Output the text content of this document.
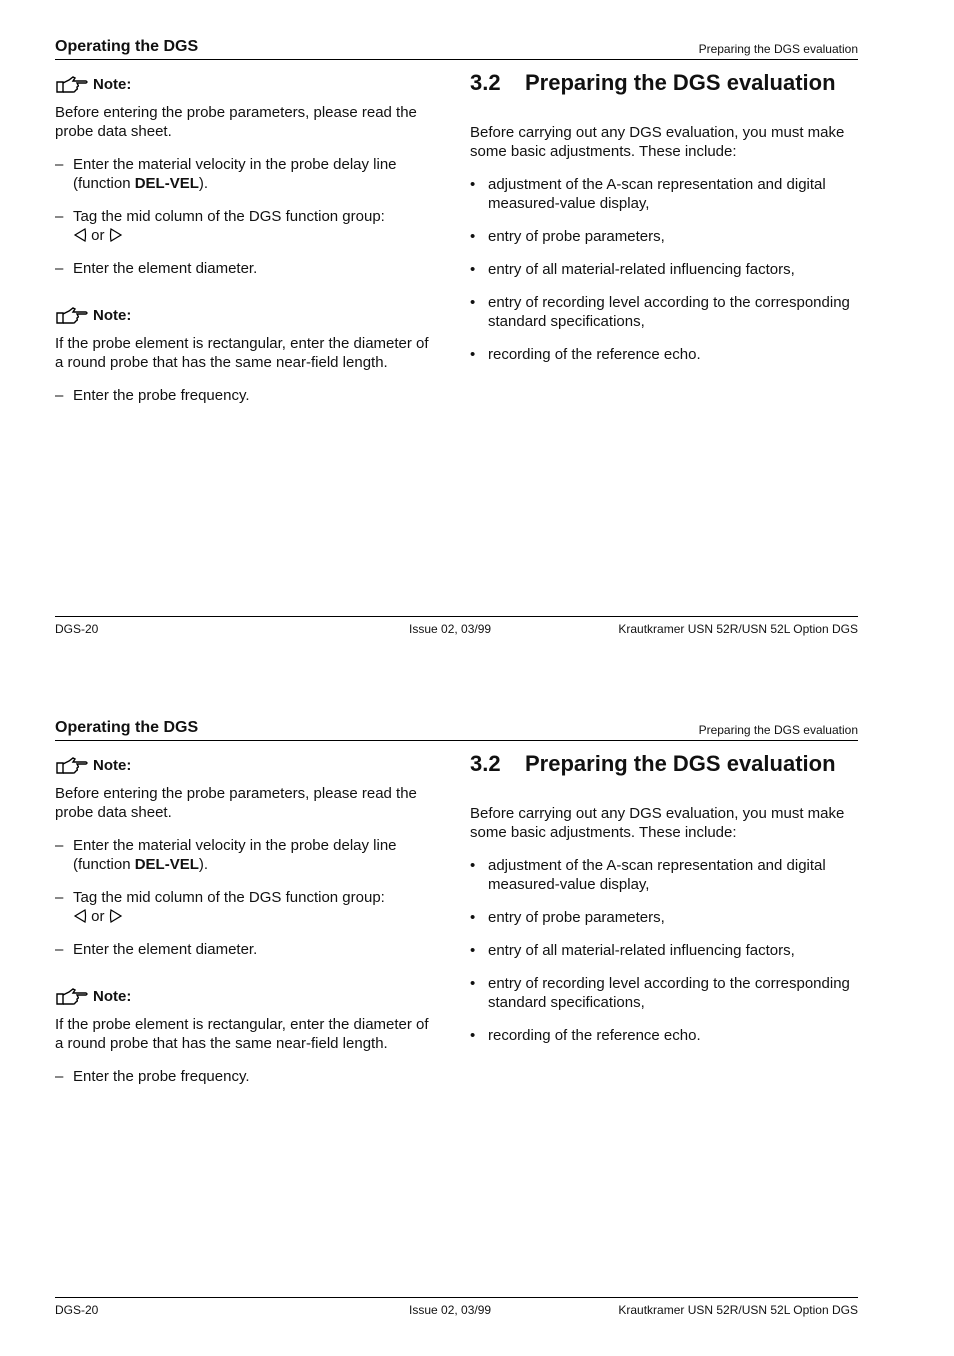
Operating the DGS	Preparing the DGS evaluation
Note:
Before entering the probe parameters, please read the probe data sheet.
– Enter the material velocity in the probe delay line (function DEL-VEL).
– Tag the mid column of the DGS function group:
or
– Enter the element diameter.
Note:
If the probe element is rectangular, enter the diameter of a round probe that has the same near-field length.
– Enter the probe frequency.
3.2 Preparing the DGS evaluation
Before carrying out any DGS evaluation, you must make some basic adjustments. These include:
• adjustment of the A-scan representation and digital measured-value display,
• entry of probe parameters,
• entry of all material-related influencing factors,
• entry of recording level according to the corresponding standard specifications,
• recording of the reference echo.
DGS-20	Issue 02, 03/99	Krautkramer USN 52R/USN 52L Option DGS
Operating the DGS	Preparing the DGS evaluation
Note:
Before entering the probe parameters, please read the probe data sheet.
– Enter the material velocity in the probe delay line (function DEL-VEL).
– Tag the mid column of the DGS function group:
or
– Enter the element diameter.
Note:
If the probe element is rectangular, enter the diameter of a round probe that has the same near-field length.
– Enter the probe frequency.
3.2 Preparing the DGS evaluation
Before carrying out any DGS evaluation, you must make some basic adjustments. These include:
• adjustment of the A-scan representation and digital measured-value display,
• entry of probe parameters,
• entry of all material-related influencing factors,
• entry of recording level according to the corresponding standard specifications,
• recording of the reference echo.
DGS-20	Issue 02, 03/99	Krautkramer USN 52R/USN 52L Option DGS
